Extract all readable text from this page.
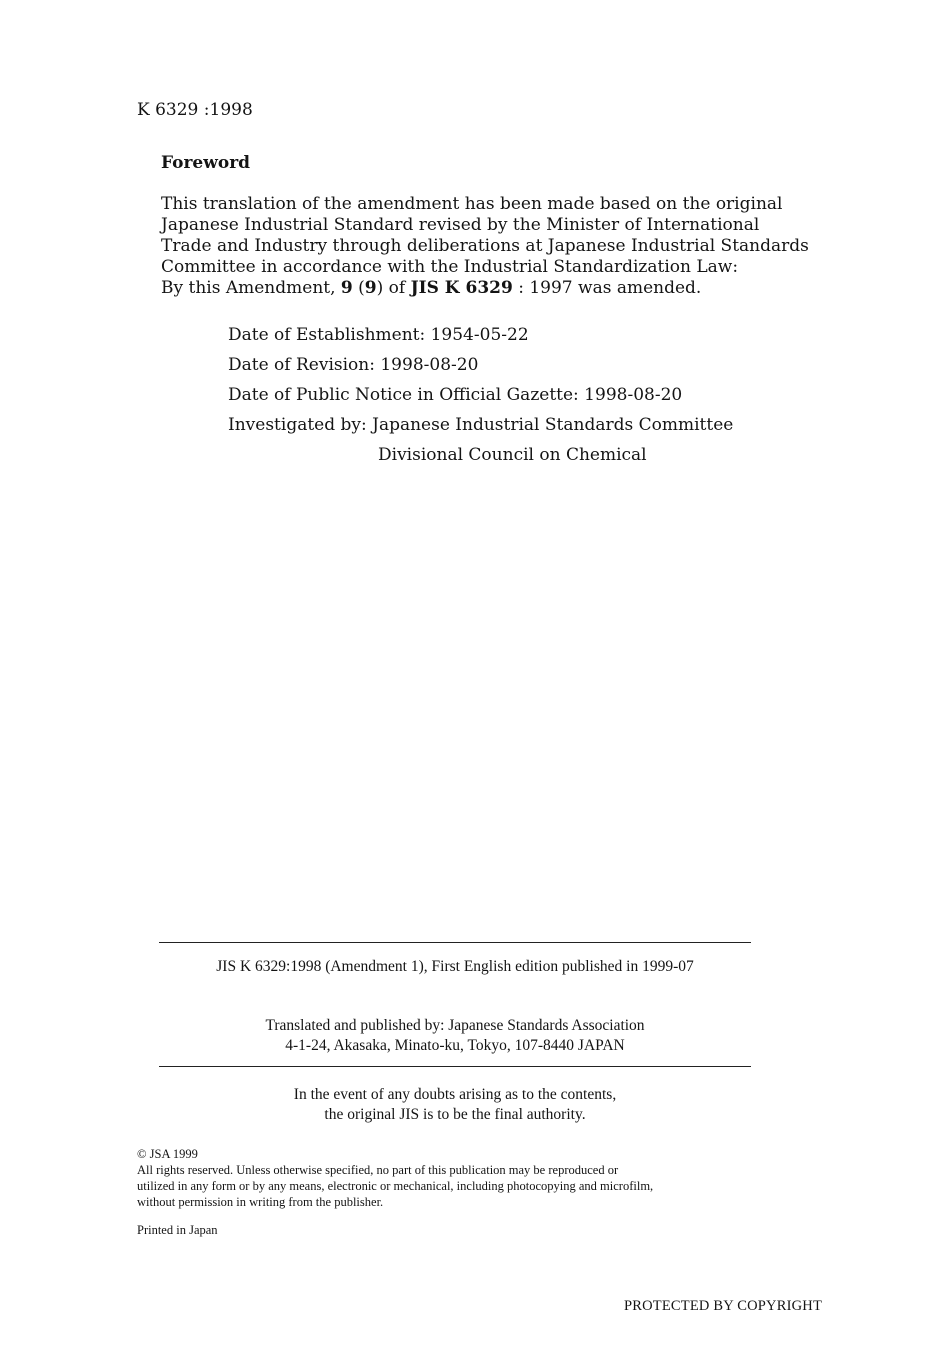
K 6329 :1998
Foreword
This translation of the amendment has been made based on the original
Japanese Industrial Standard revised by the Minister of International
Trade and Industry through deliberations at Japanese Industrial Standards
Committee in accordance with the Industrial Standardization Law:
By this Amendment, 9 (9) of JIS K 6329 : 1997 was amended.
Date of Establishment: 1954-05-22
Date of Revision: 1998-08-20
Date of Public Notice in Official Gazette: 1998-08-20
Investigated by: Japanese Industrial Standards Committee
Divisional Council on Chemical
JIS K 6329:1998 (Amendment 1), First English edition published in 1999-07
Translated and published by: Japanese Standards Association
4-1-24, Akasaka, Minato-ku, Tokyo, 107-8440 JAPAN
In the event of any doubts arising as to the contents,
the original JIS is to be the final authority.
© JSA 1999
All rights reserved. Unless otherwise specified, no part of this publication may be reproduced or
utilized in any form or by any means, electronic or mechanical, including photocopying and microfilm,
without permission in writing from the publisher.
Printed in Japan
PROTECTED BY COPYRIGHT
